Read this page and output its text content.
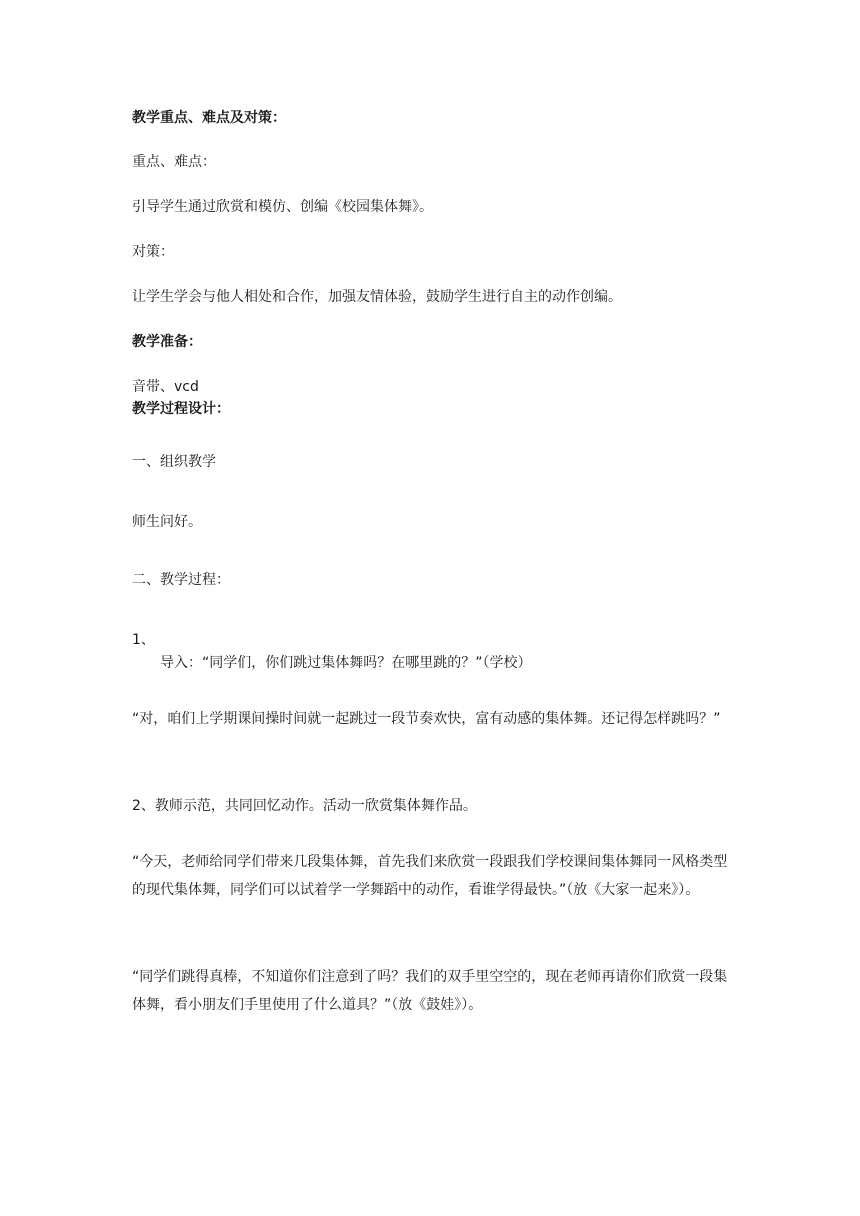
教学重点、难点及对策：
重点、难点：
引导学生通过欣赏和模仿、创编《校园集体舞》。
对策：
让学生学会与他人相处和合作，加强友情体验，鼓励学生进行自主的动作创编。
教学准备：
音带、vcd
教学过程设计：
一、组织教学
师生问好。
二、教学过程：
1、
导入：“同学们，你们跳过集体舞吗？在哪里跳的？”（学校）
“对，咱们上学期课间操时间就一起跳过一段节奏欢快，富有动感的集体舞。还记得怎样跳吗？”
2、教师示范，共同回忆动作。活动一欣赏集体舞作品。
“今天，老师给同学们带来几段集体舞，首先我们来欣赏一段跟我们学校课间集体舞同一风格类型的现代集体舞，同学们可以试着学一学舞蹈中的动作，看谁学得最快。”（放《大家一起来》）。
“同学们跳得真棒，不知道你们注意到了吗？我们的双手里空空的，现在老师再请你们欣赏一段集体舞，看小朋友们手里使用了什么道具？”（放《鼓娃》）。
